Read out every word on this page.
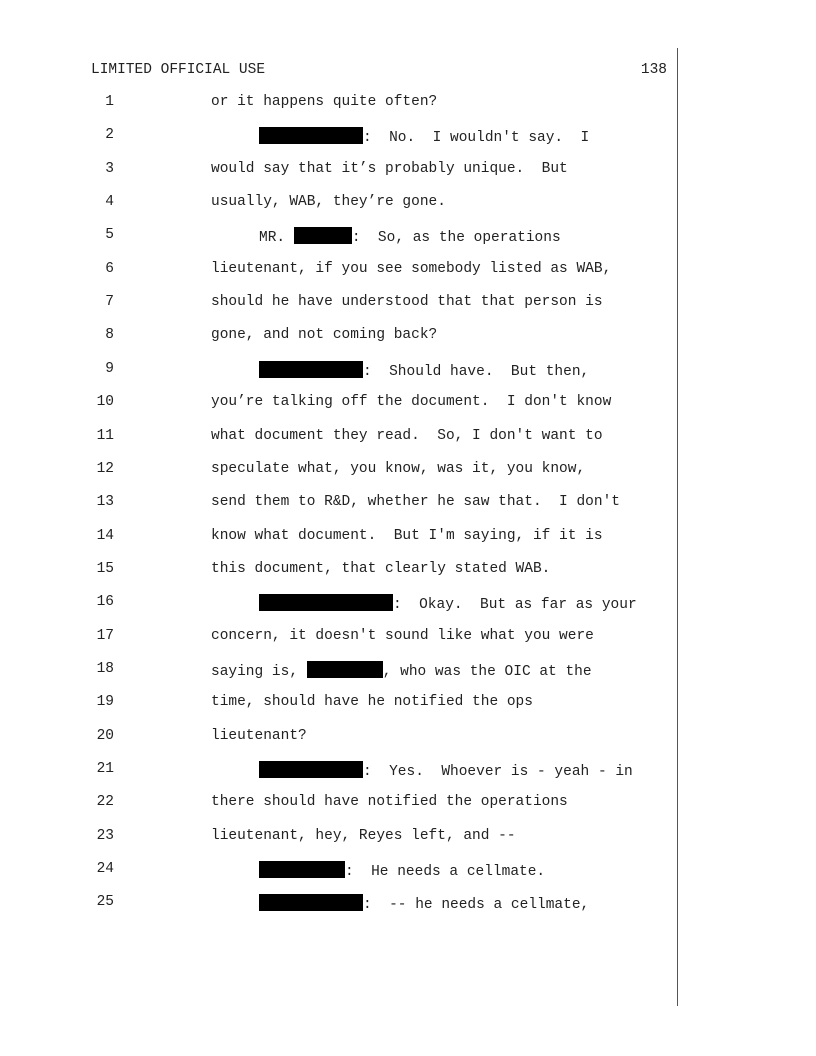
LIMITED OFFICIAL USE	138
1	or it happens quite often?
2	:  No.  I wouldn't say.  I
3	would say that it’s probably unique.  But
4	usually, WAB, they’re gone.
5	MR.	:  So, as the operations
6	lieutenant, if you see somebody listed as WAB,
7	should he have understood that that person is
8	gone, and not coming back?
9	:  Should have.  But then,
10	you’re talking off the document.  I don't know
11	what document they read.  So, I don't want to
12	speculate what, you know, was it, you know,
13	send them to R&D, whether he saw that.  I don't
14	know what document.  But I'm saying, if it is
15	this document, that clearly stated WAB.
16	:  Okay.  But as far as your
17	concern, it doesn't sound like what you were
18	saying is,	, who was the OIC at the
19	time, should have he notified the ops
20	lieutenant?
21	:  Yes.  Whoever is - yeah - in
22	there should have notified the operations
23	lieutenant, hey, Reyes left, and --
24	:  He needs a cellmate.
25	:  -- he needs a cellmate,
